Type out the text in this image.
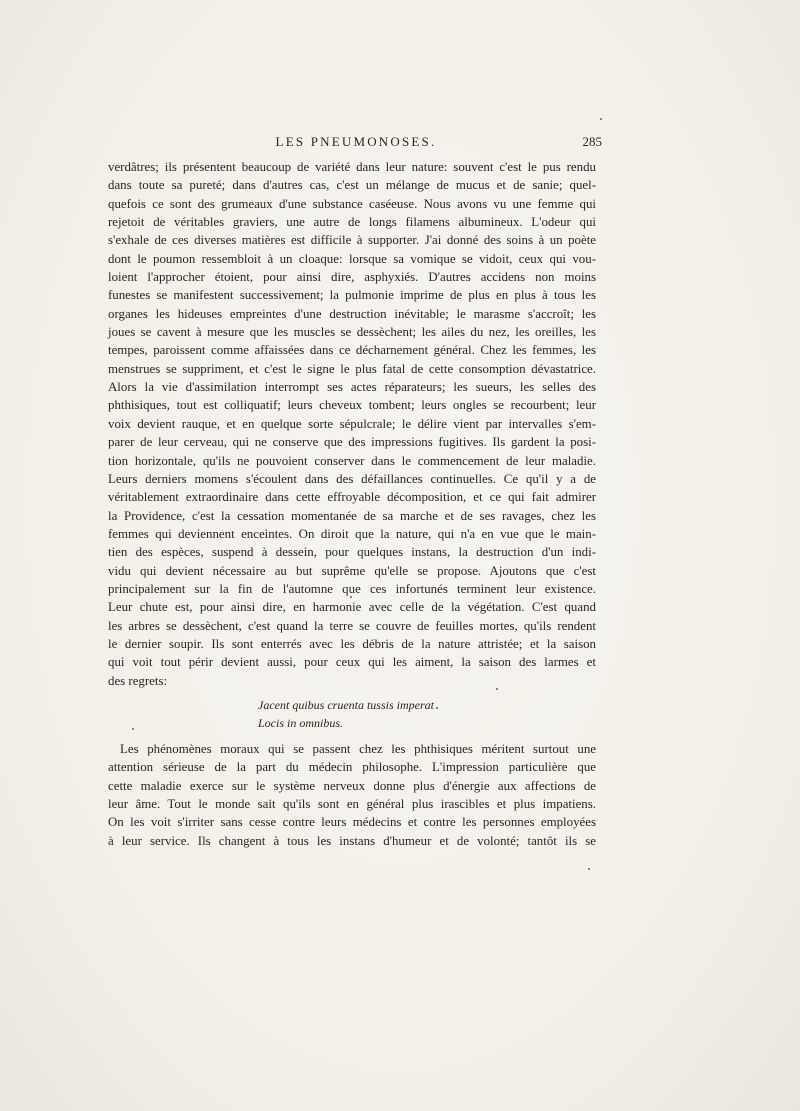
LES PNEUMONOSES.	285
verdâtres; ils présentent beaucoup de variété dans leur nature: souvent c'est le pus rendu
dans toute sa pureté; dans d'autres cas, c'est un mélange de mucus et de sanie; quel-
quefois ce sont des grumeaux d'une substance caséeuse. Nous avons vu une femme qui
rejetoit de véritables graviers, une autre de longs filamens albumineux. L'odeur qui
s'exhale de ces diverses matières est difficile à supporter. J'ai donné des soins à un poète
dont le poumon ressembloit à un cloaque: lorsque sa vomique se vidoit, ceux qui vou-
loient l'approcher étoient, pour ainsi dire, asphyxiés. D'autres accidens non moins
funestes se manifestent successivement; la pulmonie imprime de plus en plus à tous les
organes les hideuses empreintes d'une destruction inévitable; le marasme s'accroît; les
joues se cavent à mesure que les muscles se dessèchent; les ailes du nez, les oreilles, les
tempes, paroissent comme affaissées dans ce décharnement général. Chez les femmes, les
menstrues se suppriment, et c'est le signe le plus fatal de cette consomption dévastatrice.
Alors la vie d'assimilation interrompt ses actes réparateurs; les sueurs, les selles des
phthisiques, tout est colliquatif; leurs cheveux tombent; leurs ongles se recourbent; leur
voix devient rauque, et en quelque sorte sépulcrale; le délire vient par intervalles s'em-
parer de leur cerveau, qui ne conserve que des impressions fugitives. Ils gardent la posi-
tion horizontale, qu'ils ne pouvoient conserver dans le commencement de leur maladie.
Leurs derniers momens s'écoulent dans des défaillances continuelles. Ce qu'il y a de
véritablement extraordinaire dans cette effroyable décomposition, et ce qui fait admirer
la Providence, c'est la cessation momentanée de sa marche et de ses ravages, chez les
femmes qui deviennent enceintes. On diroit que la nature, qui n'a en vue que le main-
tien des espèces, suspend à dessein, pour quelques instans, la destruction d'un indi-
vidu qui devient nécessaire au but suprême qu'elle se propose. Ajoutons que c'est
principalement sur la fin de l'automne que ces infortunés terminent leur existence.
Leur chute est, pour ainsi dire, en harmonie avec celle de la végétation. C'est quand
les arbres se dessèchent, c'est quand la terre se couvre de feuilles mortes, qu'ils rendent
le dernier soupir. Ils sont enterrés avec les débris de la nature attristée; et la saison
qui voit tout périr devient aussi, pour ceux qui les aiment, la saison des larmes et
des regrets:
Jacent quibus cruenta tussis imperat
Locis in omnibus.
Les phénomènes moraux qui se passent chez les phthisiques méritent surtout une
attention sérieuse de la part du médecin philosophe. L'impression particulière que
cette maladie exerce sur le système nerveux donne plus d'énergie aux affections de
leur âme. Tout le monde sait qu'ils sont en général plus irascibles et plus impatiens.
On les voit s'irriter sans cesse contre leurs médecins et contre les personnes employées
à leur service. Ils changent à tous les instans d'humeur et de volonté; tantôt ils se
